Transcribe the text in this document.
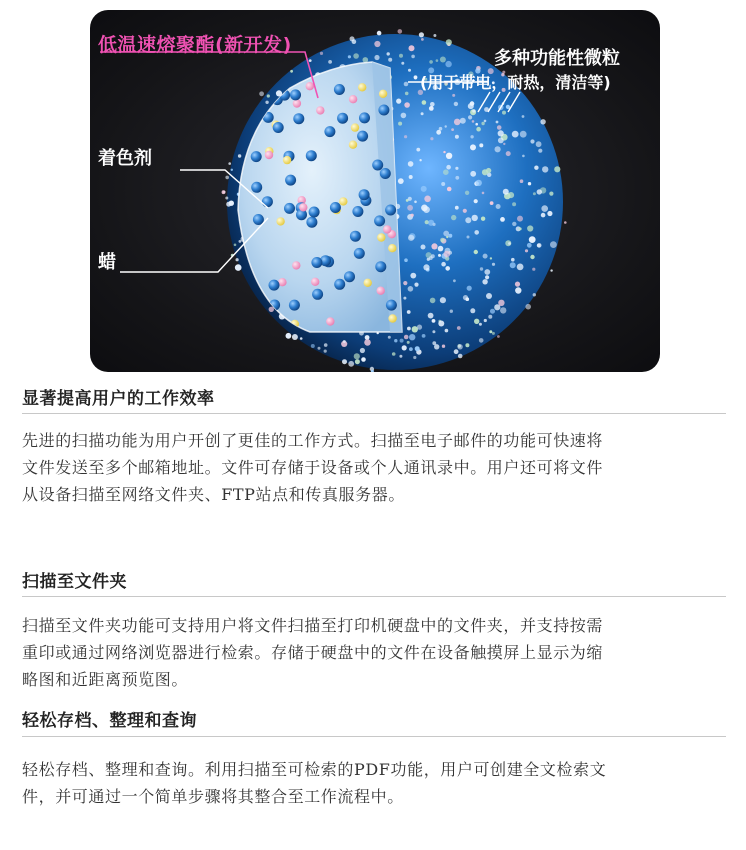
低温速熔聚酯(新开发)
多种功能性微粒
(用于带电，耐热，清洁等)
着色剂
蜡
显著提高用户的工作效率

先进的扫描功能为用户开创了更佳的工作方式。扫描至电子邮件的功能可快速将

文件发送至多个邮箱地址。文件可存储于设备或个人通讯录中。用户还可将文件

从设备扫描至网络文件夹、FTP站点和传真服务器。

扫描至文件夹

扫描至文件夹功能可支持用户将文件扫描至打印机硬盘中的文件夹，并支持按需

重印或通过网络浏览器进行检索。存储于硬盘中的文件在设备触摸屏上显示为缩

略图和近距离预览图。

轻松存档、整理和查询

轻松存档、整理和查询。利用扫描至可检索的PDF功能，用户可创建全文检索文

件，并可通过一个简单步骤将其整合至工作流程中。
